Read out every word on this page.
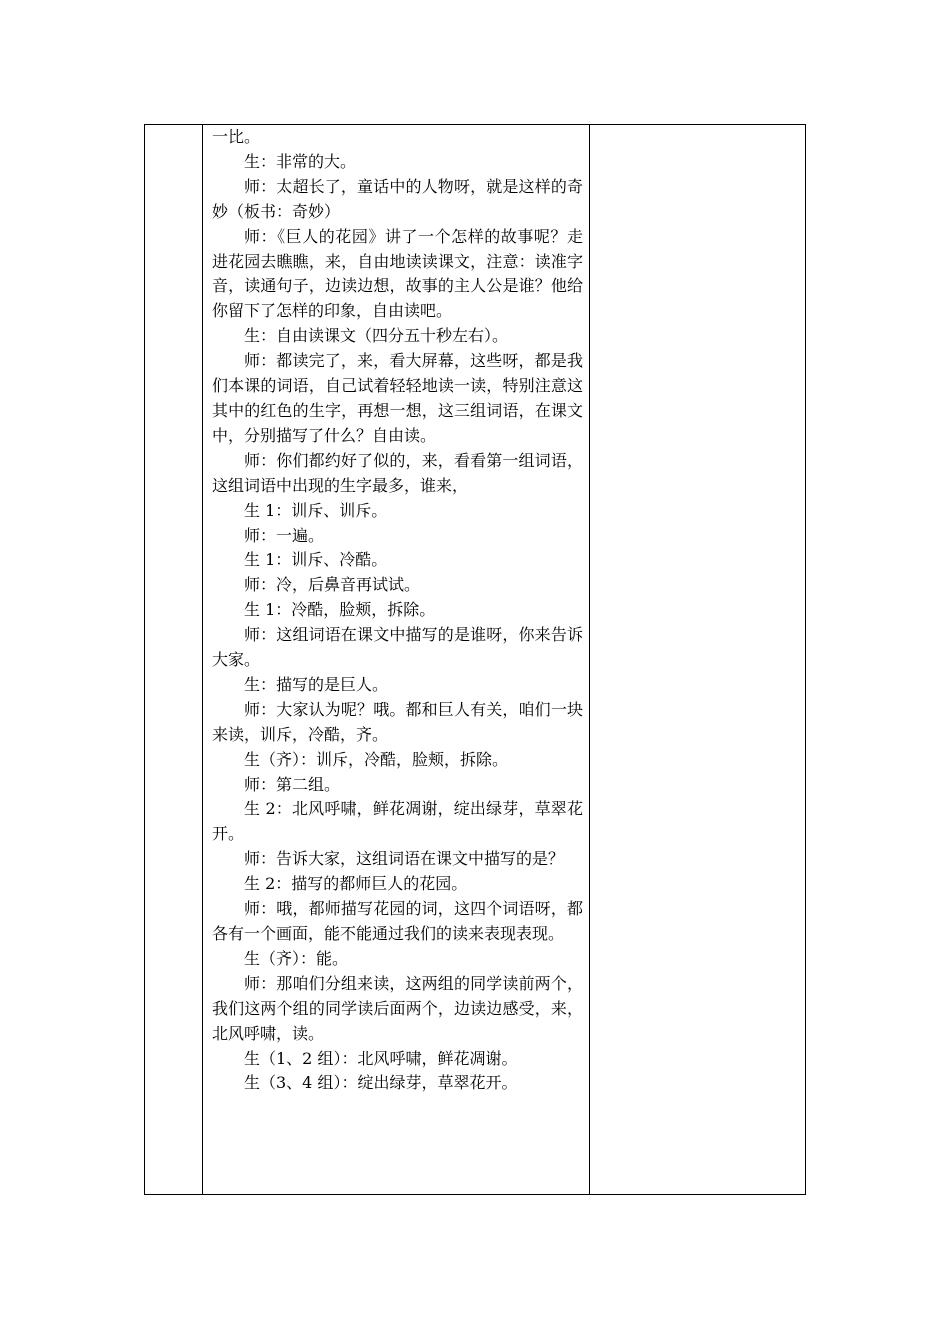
一比。

生：非常的大。

师：太超长了，童话中的人物呀，就是这样的奇妙（板书：奇妙）

师：《巨人的花园》讲了一个怎样的故事呢？走进花园去瞧瞧，来，自由地读读课文，注意：读准字音，读通句子，边读边想，故事的主人公是谁？他给你留下了怎样的印象，自由读吧。

生：自由读课文（四分五十秒左右）。

师：都读完了，来，看大屏幕，这些呀，都是我们本课的词语，自己试着轻轻地读一读，特别注意这其中的红色的生字，再想一想，这三组词语，在课文中，分别描写了什么？自由读。

师：你们都约好了似的，来，看看第一组词语，这组词语中出现的生字最多，谁来，

生 1：训斥、训斥。

师：一遍。

生 1：训斥、冷酷。

师：冷，后鼻音再试试。

生 1：冷酷，脸颊，拆除。

师：这组词语在课文中描写的是谁呀，你来告诉大家。

生：描写的是巨人。

师：大家认为呢？哦。都和巨人有关，咱们一块来读，训斥，冷酷，齐。

生（齐）：训斥，冷酷，脸颊，拆除。

师：第二组。

生 2：北风呼啸，鲜花凋谢，绽出绿芽，草翠花开。

师：告诉大家，这组词语在课文中描写的是？

生 2：描写的都师巨人的花园。

师：哦，都师描写花园的词，这四个词语呀，都各有一个画面，能不能通过我们的读来表现表现。

生（齐）：能。

师：那咱们分组来读，这两组的同学读前两个，我们这两个组的同学读后面两个，边读边感受，来，北风呼啸，读。

生（1、2 组）：北风呼啸，鲜花凋谢。

生（3、4 组）：绽出绿芽，草翠花开。
